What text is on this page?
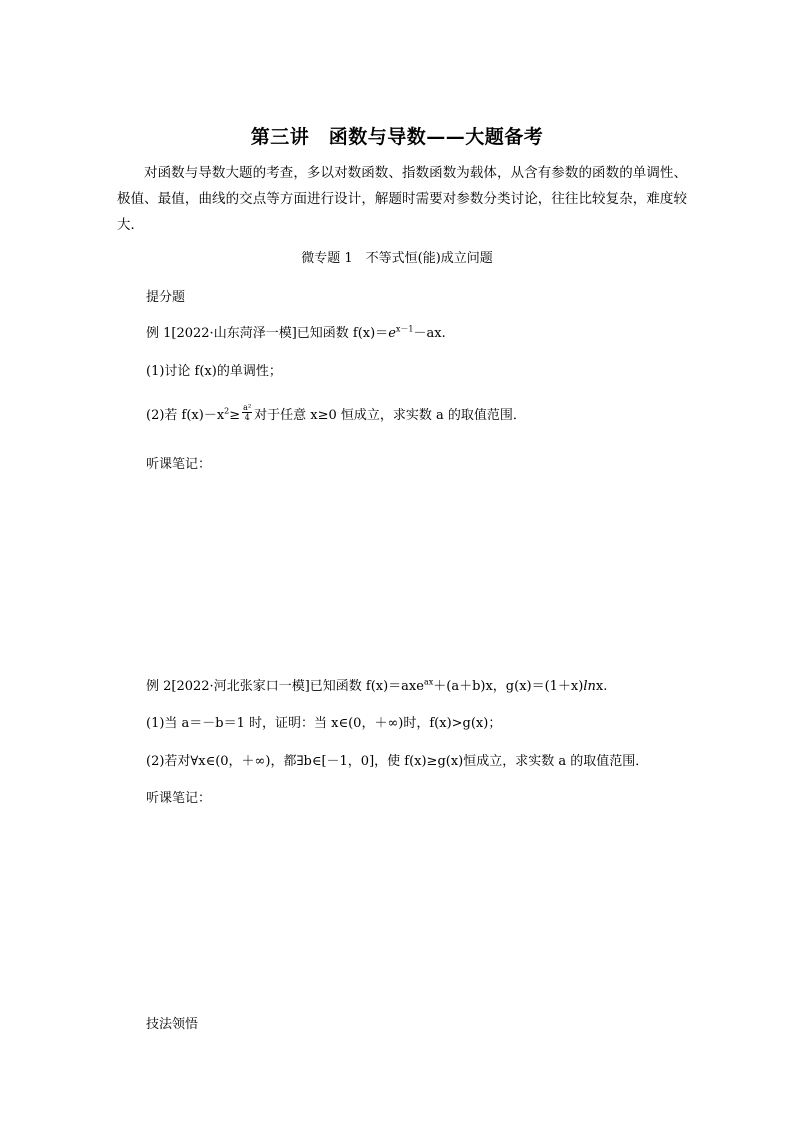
第三讲　函数与导数——大题备考
对函数与导数大题的考查，多以对数函数、指数函数为载体，从含有参数的函数的单调性、极值、最值，曲线的交点等方面进行设计，解题时需要对参数分类讨论，往往比较复杂，难度较大．
微专题 1　不等式恒(能)成立问题
提分题
例 1[2022·山东菏泽一模]已知函数 $f(x)=e^{x-1}-ax$.
(1)讨论 f(x)的单调性；
(2)若 $f(x)-x^2\ge \frac{\text{a²}}{4}$ 对于任意 x≥0 恒成立，求实数 a 的取值范围．
听课笔记：
例 2[2022·河北张家口一模]已知函数 f(x)＝axe$^{ax}$＋(a＋b)x，g(x)＝(1＋x)lnx.
(1)当 a＝－b＝1 时，证明：当 x∈(0，＋∞)时，f(x)>g(x)；
(2)若对∀x∈(0，＋∞)，都∃b∈[－1，0]，使 f(x)≥g(x)恒成立，求实数 a 的取值范围．
听课笔记：
技法领悟
